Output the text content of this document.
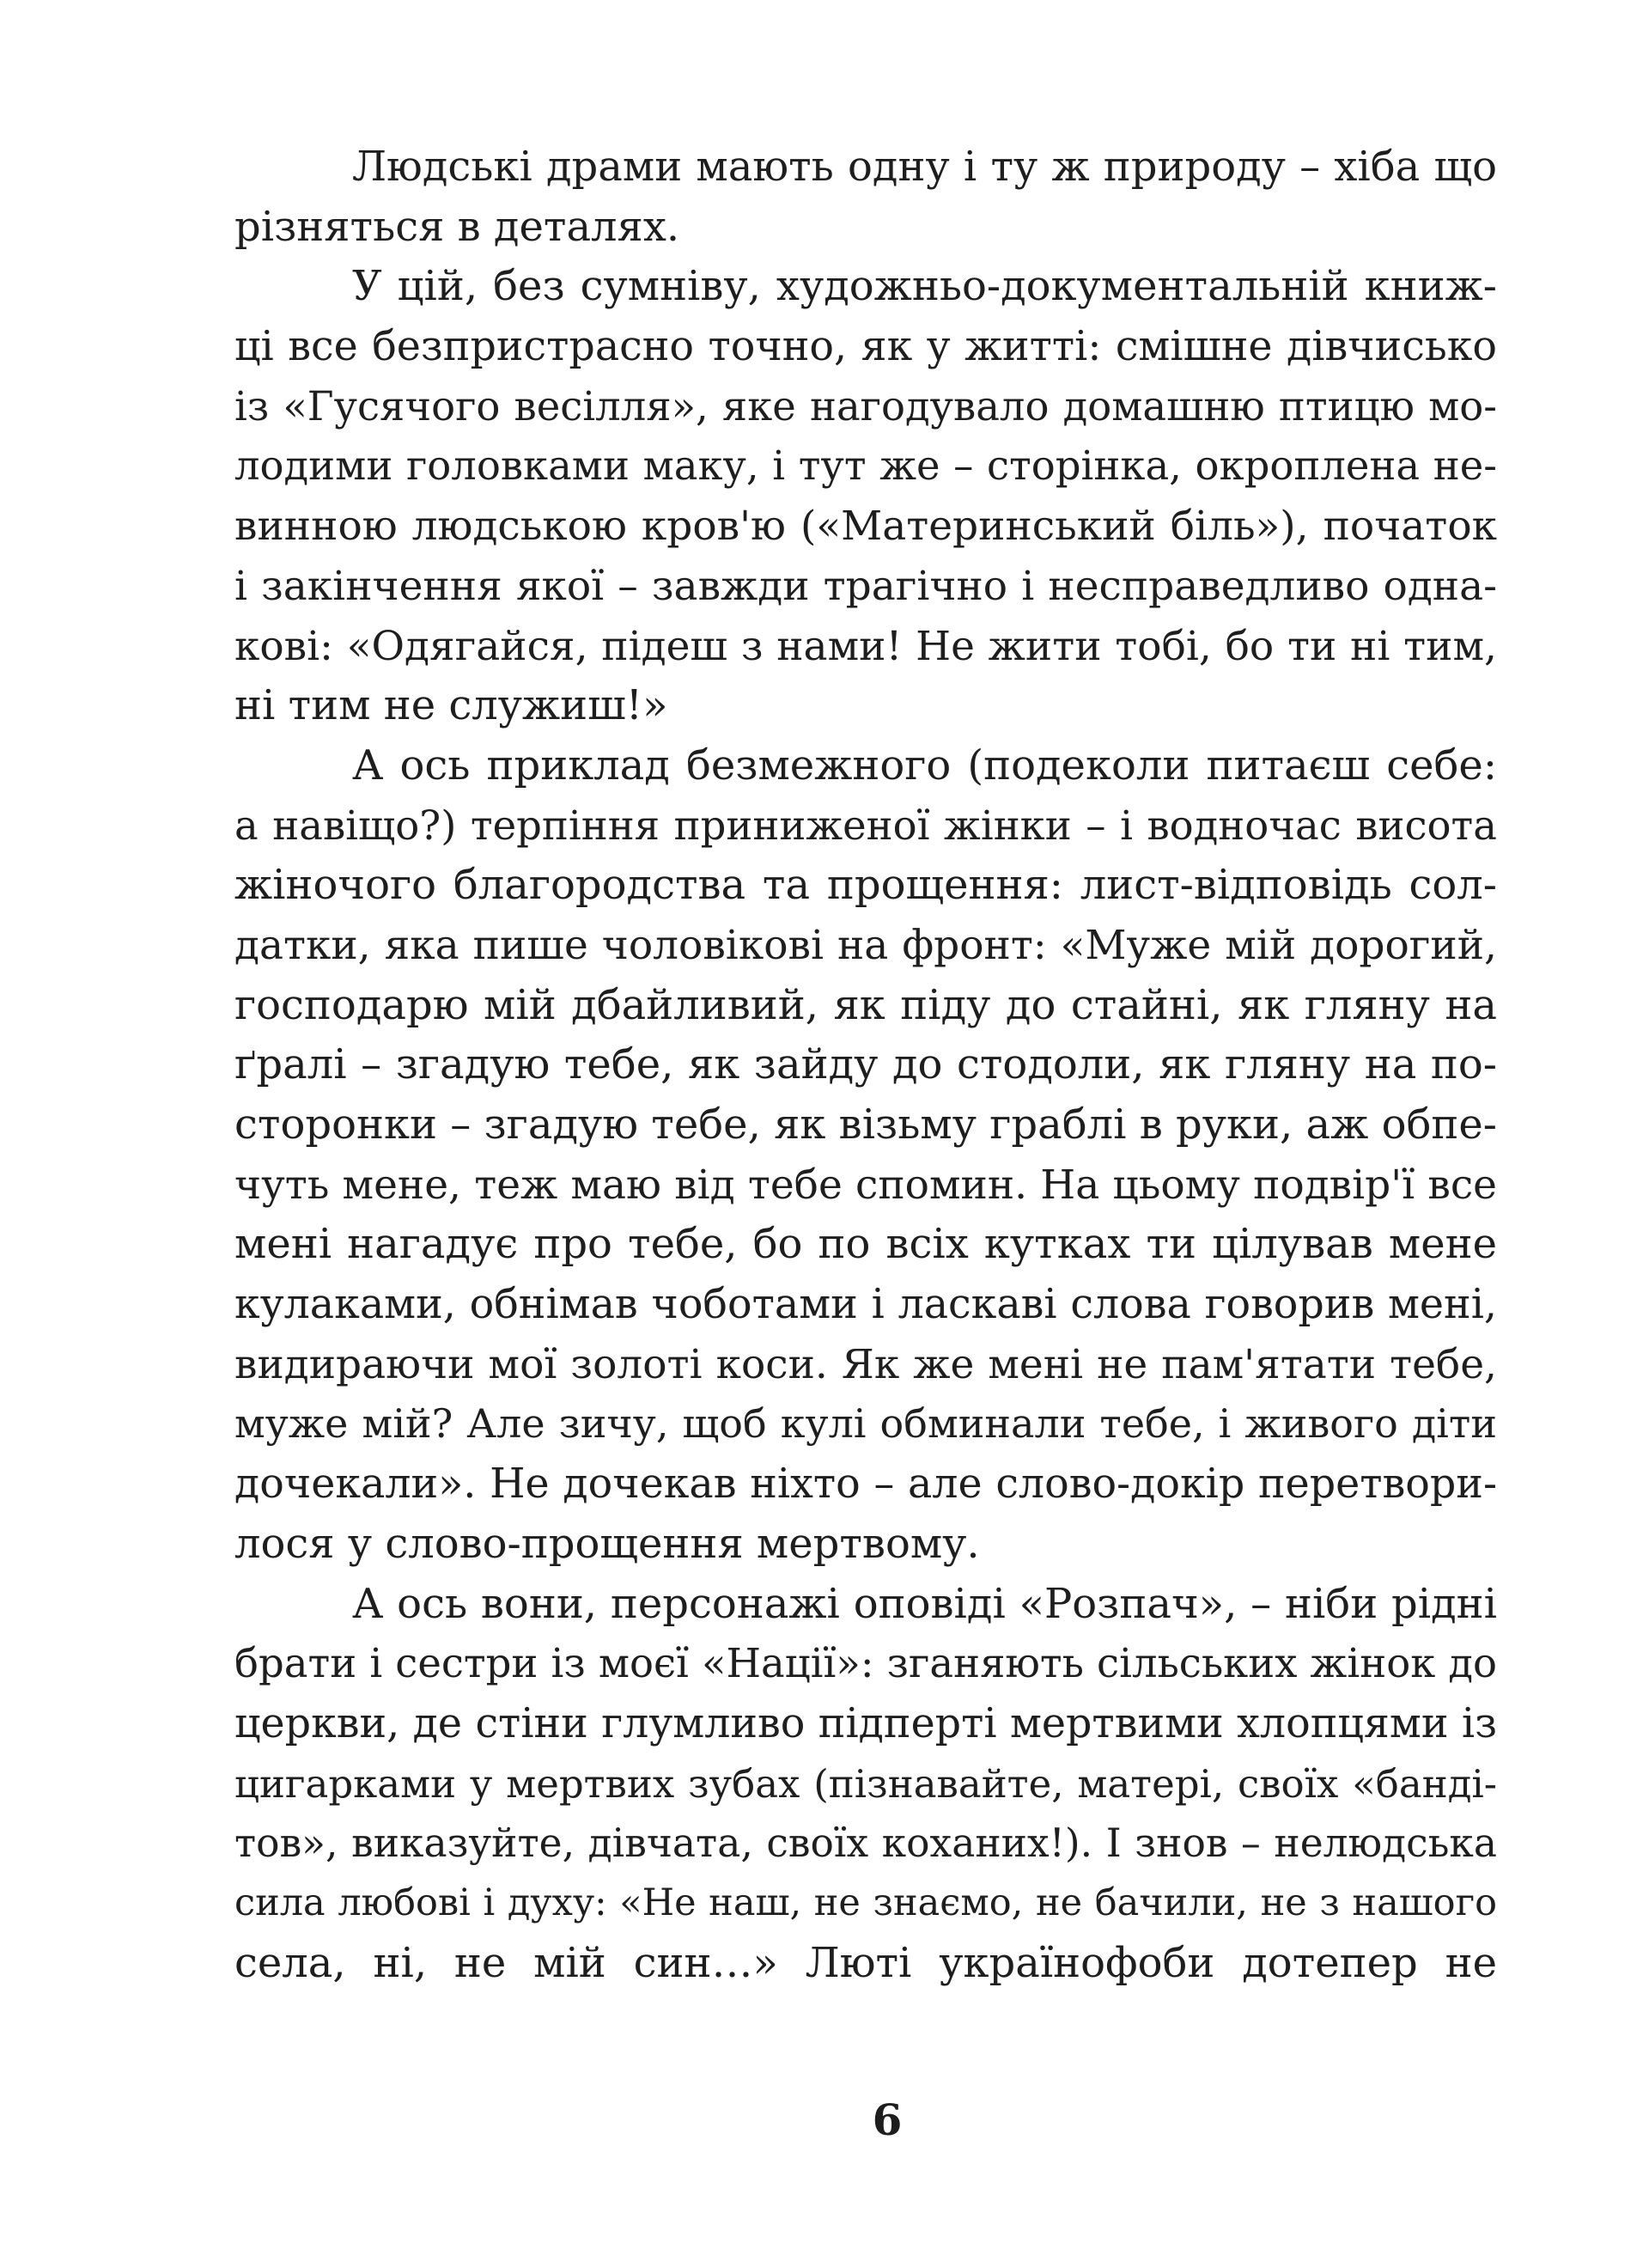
Людські драми мають одну і ту ж природу – хіба що
різняться в деталях.
У цій, без сумніву, художньо-документальній книж-
ці все безпристрасно точно, як у житті: смішне дівчисько
із «Гусячого весілля», яке нагодувало домашню птицю мо-
лодими головками маку, і тут же – сторінка, окроплена не-
винною людською кров'ю («Материнський біль»), початок
і закінчення якої – завжди трагічно і несправедливо одна-
кові: «Одягайся, підеш з нами! Не жити тобі, бо ти ні тим,
ні тим не служиш!»
А ось приклад безмежного (подеколи питаєш себе:
а навіщо?) терпіння приниженої жінки – і водночас висота
жіночого благородства та прощення: лист-відповідь сол-
датки, яка пише чоловікові на фронт: «Муже мій дорогий,
господарю мій дбайливий, як піду до стайні, як гляну на
ґралі – згадую тебе, як зайду до стодоли, як гляну на по-
сторонки – згадую тебе, як візьму граблі в руки, аж обпе-
чуть мене, теж маю від тебе спомин. На цьому подвір'ї все
мені нагадує про тебе, бо по всіх кутках ти цілував мене
кулаками, обнімав чоботами і ласкаві слова говорив мені,
видираючи мої золоті коси. Як же мені не пам'ятати тебе,
муже мій? Але зичу, щоб кулі обминали тебе, і живого діти
дочекали». Не дочекав ніхто – але слово-докір перетвори-
лося у слово-прощення мертвому.
А ось вони, персонажі оповіді «Розпач», – ніби рідні
брати і сестри із моєї «Нації»: зганяють сільських жінок до
церкви, де стіни глумливо підперті мертвими хлопцями із
цигарками у мертвих зубах (пізнавайте, матері, своїх «банді-
тов», виказуйте, дівчата, своїх коханих!). І знов – нелюдська
сила любові і духу: «Не наш, не знаємо, не бачили, не з нашого
села, ні, не мій син…» Люті українофоби дотепер не
6
